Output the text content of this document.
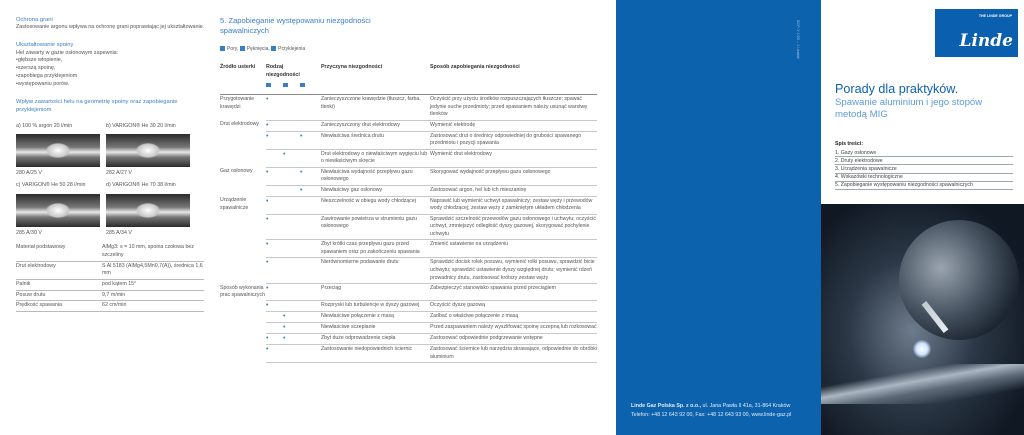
Ochrona grani
Zastosowanie argonu wpływa na ochronę grani poprawiając jej ukształtowanie.
Ukształtowanie spoiny
Hel zawarty w gazie osłonowym zapewnia:
• głębsze wtopienie,
• szerszą spoinę,
• zapobiega przyklejeniom
• występowaniu porów.
Wpływ zawartości helu na geometrię spoiny oraz zapobieganie przyklejeniom
a) 100 % argon 20 l/min
280 A/25 V
b) VARIGON® He 30 20 l/min
282 A/27 V
c) VARIGON® He 50 28 l/min
285 A/30 V
d) VARIGON® He 70 38 l/min
285 A/34 V
Materiał podstawowy	AlMg3: s = 10 mm, spoina czołowa bez szczeliny
Drut elektrodowy	S Al 5183 (AlMg4,5Mn0,7(A)), średnica 1,6 mm
Palnik	pod kątem 15°
Posuw drutu	9,7 m/min
Prędkość spawania	62 cm/min
5. Zapobieganie występowaniu niezgodności spawalniczych
Pory, Pęknięcia, Przyklejenia
Źródło usterki	Rodzaj niezgodności			Przyczyna niezgodności	Sposób zapobiegania niezgodności
Przygotowanie krawędzi	•			Zanieczyszczone krawędzie (tłuszcz, farba, tlenki)	Oczyścić przy użyciu środków rozpuszczających tłuszcze; spawać jedynie suche przedmioty; przed spawaniem należy usunąć warstwę tlenków
Drut elektrodowy	•			Zanieczyszczony drut elektrodowy	Wymienić elektrodę
	•		•	Niewłaściwa średnica drutu	Zastosować drut o średnicy odpowiedniej do grubości spawanego przedmiotu i pozycji spawania
		•		Drut elektrodowy o niewłaściwym wygięciu lub o niewłaściwym skręcie	Wymienić drut elektrodowy
Gaz osłonowy	•		•	Niewłaściwa wydajność przepływu gazu osłonowego	Skorygować wydajność przepływu gazu osłonowego
			•	Niewłaściwy gaz osłonowy	Zastosować argon, hel lub ich mieszaninę
Urządzenie spawalnicze	•			Nieszczelność w obiegu wody chłodzącej	Naprawić lub wymienić uchwyt spawalniczy; zestaw węży i przewodów wody chłodzącej; zestaw węży z zamkniętym układem chłodzenia
	•			Zawirowanie powietrza w strumieniu gazu osłonowego	Sprawdzić szczelność przewodów gazu osłonowego i uchwytu; oczyścić uchwyt, zmniejszyć odległość dyszy gazowej, skorygować pochylenie uchwytu
	•			Zbyt krótki czas przepływu gazu przed spawaniem oraz po zakończeniu spawania	Zmienić ustawienie na urządzeniu
	•			Nierównomierne podawanie drutu	Sprawdzić docisk rolek posuwu, wymienić rolki posuwu, sprawdzić bicie uchwytu; sprawdzić ustawienie dyszy względnej drutu; wymienić rdzeń prowadnicy drutu, zastosować krótszy zestaw węży
Sposób wykonania prac spawalniczych	•			Przeciąg	Zabezpieczyć stanowisko spawania przed przeciągiem
	•			Rozpryski lub turbulencje w dyszy gazowej	Oczyścić dyszę gazową
		•		Niewłaściwe połączenie z masą	Zadbać o właściwe połączenie z masą
		•		Niewłaściwe sczepianie	Przed zaspawaniem należy wyszlifować spoinę sczepną lub rozkosować
	•	•		Zbyt duże odprowadzenie ciepła	Zastosować odpowiednie podgrzewanie wstępne
	•			Zastosowanie niedopowiednich ściernic	Zastosować ściernice lub narzędzia skrawające, odpowiednie do obróbki aluminium
BCP-Y 1/20 – 1 Lindab
Linde Gaz Polska Sp. z o.o., ul. Jana Pawła II 41a, 31-864 Kraków
Telefon: +48 12 643 92 00, Fax: +48 12 643 93 00, www.linde-gaz.pl
THE LINDE GROUP
Linde
Porady dla praktyków.
Spawanie aluminium i jego stopów metodą MIG
Spis treści:
1. Gazy osłonowe
2. Druty elektrodowe
3. Urządzenia spawalnicze
4. Wskazówki technologiczne
5. Zapobieganie występowaniu niezgodności spawalniczych
